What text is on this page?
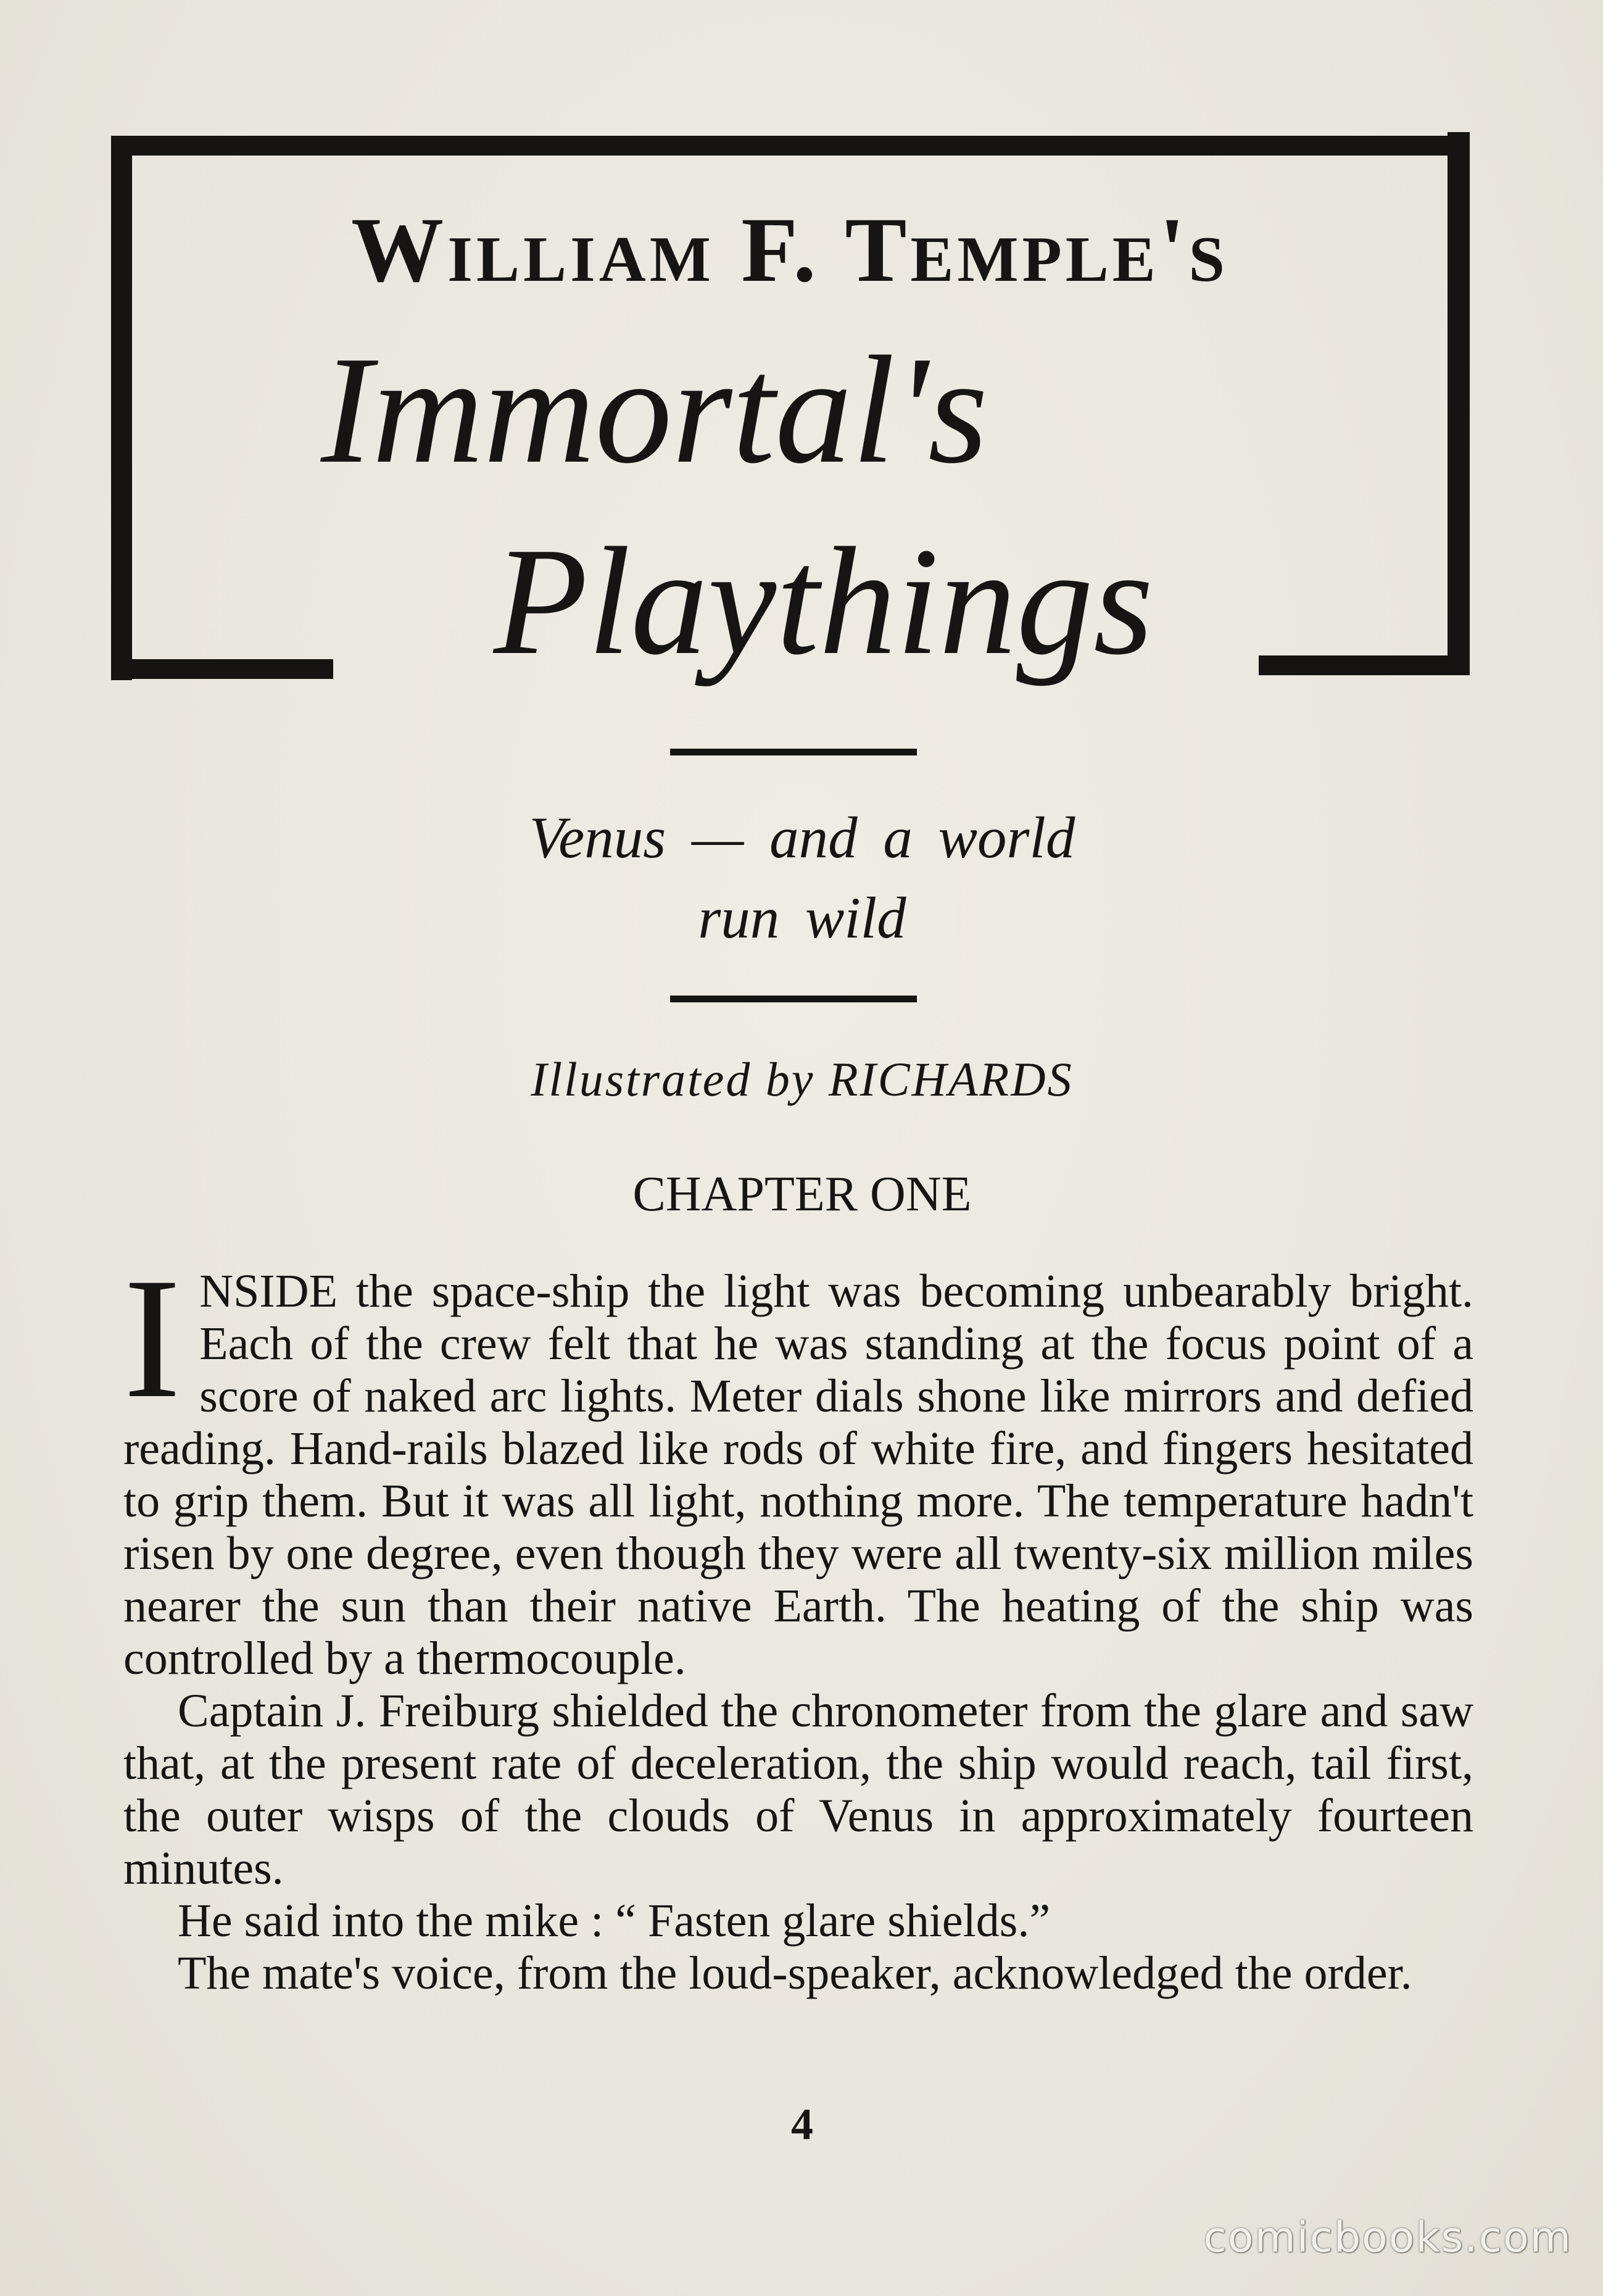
William F. Temple's
Immortal's
Playthings
Venus — and a world
run wild
Illustrated by RICHARDS
CHAPTER ONE

INSIDE the space-ship the light was becoming unbearably bright. Each of the crew felt that he was standing at the focus point of a score of naked arc lights. Meter dials shone like mirrors and defied reading. Hand-rails blazed like rods of white fire, and fingers hesitated to grip them. But it was all light, nothing more. The temperature hadn't risen by one degree, even though they were all twenty-six million miles nearer the sun than their native Earth. The heating of the ship was controlled by a thermocouple.

Captain J. Freiburg shielded the chronometer from the glare and saw that, at the present rate of deceleration, the ship would reach, tail first, the outer wisps of the clouds of Venus in approximately fourteen minutes.

He said into the mike : “ Fasten glare shields.”

The mate's voice, from the loud-speaker, acknowledged the order.

4
comicbooks.com
